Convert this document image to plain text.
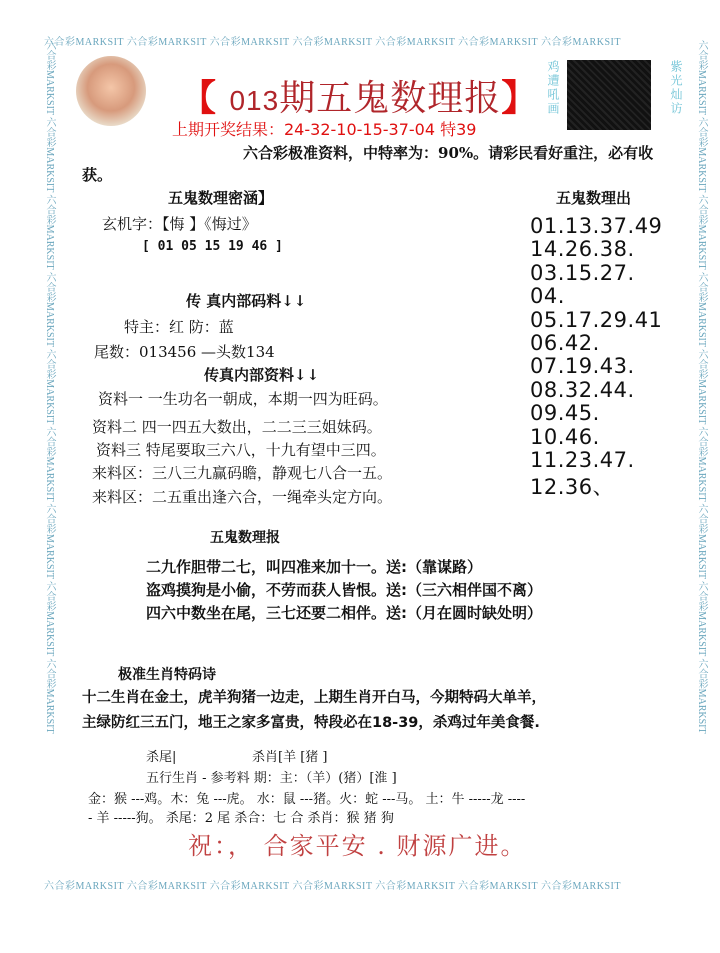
六合彩MARKSIT 六合彩MARKSIT 六合彩MARKSIT 六合彩MARKSIT 六合彩MARKSIT 六合彩MARKSIT 六合彩MARKSIT
六合彩MARKSIT 六合彩MARKSIT 六合彩MARKSIT 六合彩MARKSIT 六合彩MARKSIT 六合彩MARKSIT 六合彩MARKSIT
六合彩MARKSIT 六合彩MARKSIT 六合彩MARKSIT 六合彩MARKSIT 六合彩MARKSIT 六合彩MARKSIT 六合彩MARKSIT 六合彩MARKSIT 六合彩MARKSIT	六合彩MARKSIT 六合彩MARKSIT 六合彩MARKSIT 六合彩MARKSIT 六合彩MARKSIT 六合彩MARKSIT 六合彩MARKSIT 六合彩MARKSIT 六合彩MARKSIT
【 013期五鬼数理报】
上期开奖结果：24-32-10-15-37-04 特39
鸡遭吼画	紫光灿访
六合彩极准资料，中特率为：90%。请彩民看好重注，必有收
获。
五鬼数理密涵】
玄机字：【悔 】《悔过》
[ 01 05 15 19 46 ]
传 真内部码料↓↓
特主：红 防：蓝
尾数：013456 —头数134
传真内部资料↓↓
资料一 一生功名一朝成，本期一四为旺码。
资料二 四一四五大数出，二二三三姐妹码。
资料三 特尾要取三六八，十九有望中三四。
来料区：三八三九赢码瞻，静观七八合一五。
来料区：二五重出逢六合，一绳牵头定方向。
五鬼数理出
01.13.37.49
14.26.38.
03.15.27.
04.
05.17.29.41
06.42.
07.19.43.
08.32.44.
09.45.
10.46.
11.23.47.
12.36、
五鬼数理报
二九作胆带二七，叫四准来加十一。送:（靠谋路）
盗鸡摸狗是小偷，不劳而获人皆恨。送:（三六相伴国不离）
四六中数坐在尾，三七还要二相伴。送:（月在圆时缺处明）
极准生肖特码诗
十二生肖在金土，虎羊狗猪一边走，上期生肖开白马，今期特码大单羊，
主绿防红三五门，地王之家多富贵，特段必在18-39，杀鸡过年美食餐.
杀尾|	杀肖[羊 [猪 ]
五行生肖 - 参考料 期：主：（羊）(猪）[淮 ]
金：猴 ---鸡。木：兔 ---虎。 水：鼠 ---猪。火：蛇 ---马。 土：牛 -----龙 ----
- 羊 -----狗。 杀尾：2 尾 杀合：七 合 杀肖：猴 猪 狗
祝：， 合家平安 . 财源广进。
